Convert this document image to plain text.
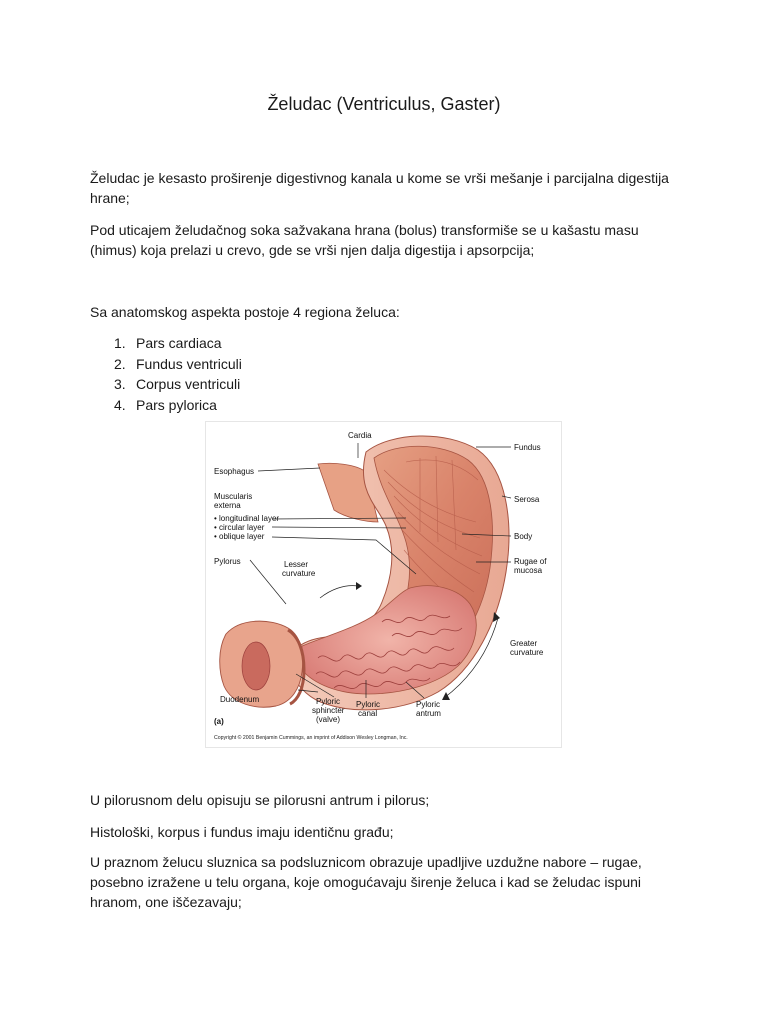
Želudac (Ventriculus, Gaster)

Želudac je kesasto proširenje digestivnog kanala u kome se vrši mešanje i parcijalna digestija hrane;

Pod uticajem želudačnog soka sažvakana hrana (bolus) transformiše se u kašastu masu (himus) koja prelazi u crevo, gde se vrši njen dalja digestija i apsorpcija;

Sa anatomskog aspekta postoje 4 regiona želuca:

1. Pars cardiaca
2. Fundus ventriculi
3. Corpus ventriculi
4. Pars pylorica
Cardia
Fundus
Esophagus
Serosa
Muscularis
externa
• longitudinal layer
• circular layer
• oblique layer	Body
Lesser
curvature
Rugae of
mucosa
Pylorus
Greater
curvature
Duodenum	Pyloric
sphincter
(valve)
Pyloric
canal
Pyloric
antrum
(a)
Copyright © 2001 Benjamin Cummings, an imprint of Addison Wesley Longman, Inc.

U pilorusnom delu opisuju se pilorusni antrum i pilorus;

Histološki, korpus i fundus imaju identičnu građu;

U praznom želucu sluznica sa podsluznicom obrazuje upadljive uzdužne nabore – rugae, posebno izražene u telu organa, koje omogućavaju širenje želuca i kad se želudac ispuni hranom, one iščezavaju;
